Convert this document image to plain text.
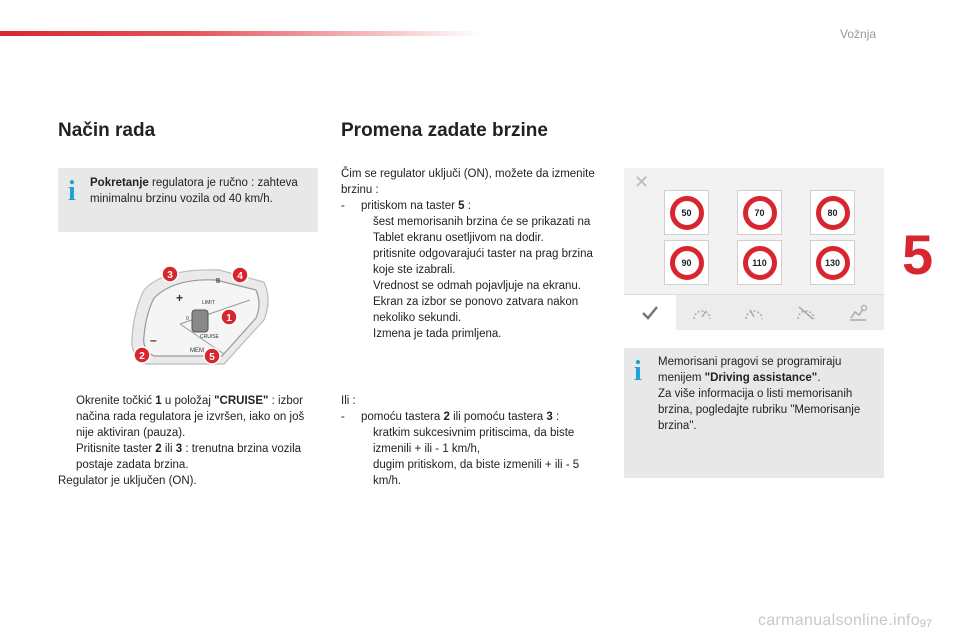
Vožnja
5
Način rada
i Pokretanje regulatora je ručno : zahteva minimalnu brzinu vozila od 40 km/h.
+
–
II
LIMIT
CRUISE
0
MEM
1
2
3	4
5
Okrenite točkić 1 u položaj "CRUISE" : izbor načina rada regulatora je izvršen, iako on još nije aktiviran (pauza).
Pritisnite taster 2 ili 3 : trenutna brzina vozila postaje zadata brzina.
Regulator je uključen (ON).
Promena zadate brzine
Čim se regulator uključi (ON), možete da izmenite brzinu :
-	pritiskom na taster 5 :
šest memorisanih brzina će se prikazati na Tablet ekranu osetljivom na dodir.
pritisnite odgovarajući taster na prag brzina koje ste izabrali.
Vrednost se odmah pojavljuje na ekranu. Ekran za izbor se ponovo zatvara nakon nekoliko sekundi.
Izmena je tada primljena.
Ili :
-	pomoću tastera 2 ili pomoću tastera 3 :
kratkim sukcesivnim pritiscima, da biste izmenili + ili - 1 km/h,
dugim pritiskom, da biste izmenili + ili - 5 km/h.
✕
50	70	80
90	110	130
i Memorisani pragovi se programiraju menijem "Driving assistance".
Za više informacija o listi memorisanih brzina, pogledajte rubriku "Memorisanje brzina".
carmanualsonline.info 97
